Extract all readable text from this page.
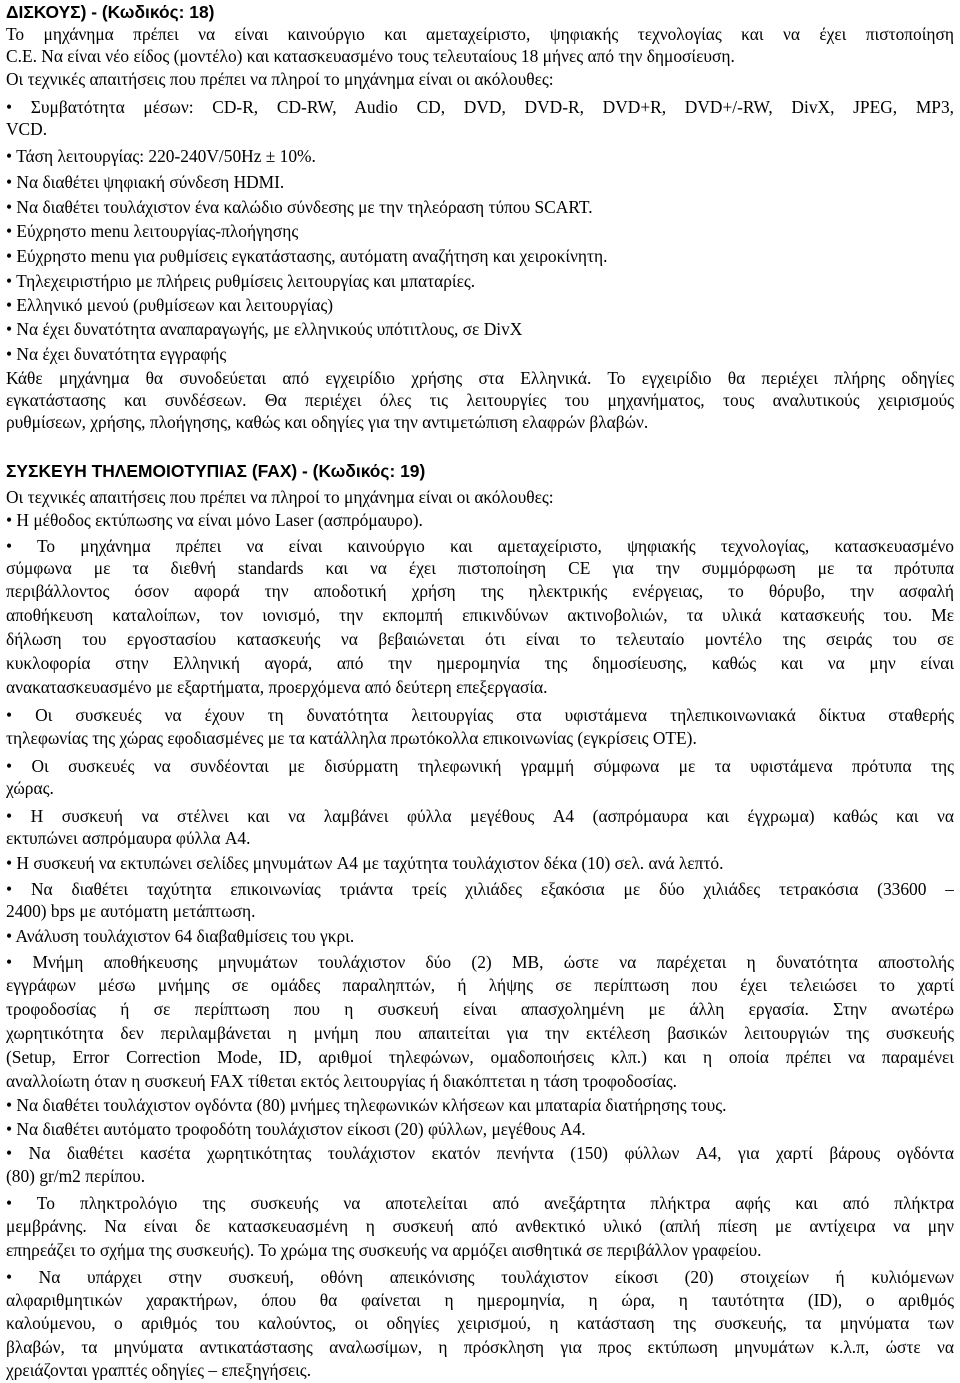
ΔΙΣΚΟΥΣ) - (Κωδικός: 18)
Το μηχάνημα πρέπει να είναι καινούργιο και αμεταχείριστο, ψηφιακής τεχνολογίας και να έχει πιστοποίηση
C.E. Να είναι νέο είδος (μοντέλο) και κατασκευασμένο τους τελευταίους 18 μήνες από την δημοσίευση.
Οι τεχνικές απαιτήσεις που πρέπει να πληροί το μηχάνημα είναι οι ακόλουθες:
• Συμβατότητα μέσων: CD-R, CD-RW, Audio CD, DVD, DVD-R, DVD+R, DVD+/-RW, DivX, JPEG, MP3,
VCD.
• Τάση λειτουργίας: 220-240V/50Hz ± 10%.
• Να διαθέτει ψηφιακή σύνδεση HDMI.
• Να διαθέτει τουλάχιστον ένα καλώδιο σύνδεσης με την τηλεόραση τύπου SCART.
• Εύχρηστο menu λειτουργίας-πλοήγησης
• Εύχρηστο menu για ρυθμίσεις εγκατάστασης, αυτόματη αναζήτηση και χειροκίνητη.
• Τηλεχειριστήριο με πλήρεις ρυθμίσεις λειτουργίας και μπαταρίες.
• Ελληνικό μενού (ρυθμίσεων και λειτουργίας)
• Να έχει δυνατότητα αναπαραγωγής, με ελληνικούς υπότιτλους, σε DivX
• Να έχει δυνατότητα εγγραφής
Κάθε μηχάνημα θα συνοδεύεται από εγχειρίδιο χρήσης στα Ελληνικά. Το εγχειρίδιο θα περιέχει πλήρης οδηγίες
εγκατάστασης και συνδέσεων. Θα περιέχει όλες τις λειτουργίες του μηχανήματος, τους αναλυτικούς χειρισμούς
ρυθμίσεων, χρήσης, πλοήγησης, καθώς και οδηγίες για την αντιμετώπιση ελαφρών βλαβών.
ΣΥΣΚΕΥΗ ΤΗΛΕΜΟΙΟΤΥΠΙΑΣ (FAX) - (Κωδικός: 19)
Οι τεχνικές απαιτήσεις που πρέπει να πληροί το μηχάνημα είναι οι ακόλουθες:
• Η μέθοδος εκτύπωσης να είναι μόνο Laser (ασπρόμαυρο).
• Το μηχάνημα πρέπει να είναι καινούργιο και αμεταχείριστο, ψηφιακής τεχνολογίας, κατασκευασμένο
σύμφωνα με τα διεθνή standards και να έχει πιστοποίηση CE για την συμμόρφωση με τα πρότυπα
περιβάλλοντος όσον αφορά την αποδοτική χρήση της ηλεκτρικής ενέργειας, το θόρυβο, την ασφαλή
αποθήκευση καταλοίπων, τον ιονισμό, την εκπομπή επικινδύνων ακτινοβολιών, τα υλικά κατασκευής του. Με
δήλωση του εργοστασίου κατασκευής να βεβαιώνεται ότι είναι το τελευταίο μοντέλο της σειράς του σε
κυκλοφορία στην Ελληνική αγορά, από την ημερομηνία της δημοσίευσης, καθώς και να μην είναι
ανακατασκευασμένο με εξαρτήματα, προερχόμενα από δεύτερη επεξεργασία.
• Οι συσκευές να έχουν τη δυνατότητα λειτουργίας στα υφιστάμενα τηλεπικοινωνιακά δίκτυα σταθερής
τηλεφωνίας της χώρας εφοδιασμένες με τα κατάλληλα πρωτόκολλα επικοινωνίας (εγκρίσεις ΟΤΕ).
• Οι συσκευές να συνδέονται με δισύρματη τηλεφωνική γραμμή σύμφωνα με τα υφιστάμενα πρότυπα της
χώρας.
• Η συσκευή να στέλνει και να λαμβάνει φύλλα μεγέθους A4 (ασπρόμαυρα και έγχρωμα) καθώς και να
εκτυπώνει ασπρόμαυρα φύλλα A4.
• Η συσκευή να εκτυπώνει σελίδες μηνυμάτων A4 με ταχύτητα τουλάχιστον δέκα (10) σελ. ανά λεπτό.
• Να διαθέτει ταχύτητα επικοινωνίας τριάντα τρείς χιλιάδες εξακόσια με δύο χιλιάδες τετρακόσια (33600 –
2400) bps με αυτόματη μετάπτωση.
• Ανάλυση τουλάχιστον 64 διαβαθμίσεις του γκρι.
• Μνήμη αποθήκευσης μηνυμάτων τουλάχιστον δύο (2) MB, ώστε να παρέχεται η δυνατότητα αποστολής
εγγράφων μέσω μνήμης σε ομάδες παραληπτών, ή λήψης σε περίπτωση που έχει τελειώσει το χαρτί
τροφοδοσίας ή σε περίπτωση που η συσκευή είναι απασχολημένη με άλλη εργασία. Στην ανωτέρω
χωρητικότητα δεν περιλαμβάνεται η μνήμη που απαιτείται για την εκτέλεση βασικών λειτουργιών της συσκευής
(Setup, Error Correction Mode, ID, αριθμοί τηλεφώνων, ομαδοποιήσεις κλπ.) και η οποία πρέπει να παραμένει
αναλλοίωτη όταν η συσκευή FAX τίθεται εκτός λειτουργίας ή διακόπτεται η τάση τροφοδοσίας.
• Να διαθέτει τουλάχιστον ογδόντα (80) μνήμες τηλεφωνικών κλήσεων και μπαταρία διατήρησης τους.
• Να διαθέτει αυτόματο τροφοδότη τουλάχιστον είκοσι (20) φύλλων, μεγέθους A4.
• Να διαθέτει κασέτα χωρητικότητας τουλάχιστον εκατόν πενήντα (150) φύλλων A4, για χαρτί βάρους ογδόντα
(80) gr/m2 περίπου.
• Το πληκτρολόγιο της συσκευής να αποτελείται από ανεξάρτητα πλήκτρα αφής και από πλήκτρα
μεμβράνης. Να είναι δε κατασκευασμένη η συσκευή από ανθεκτικό υλικό (απλή πίεση με αντίχειρα να μην
επηρεάζει το σχήμα της συσκευής). Το χρώμα της συσκευής να αρμόζει αισθητικά σε περιβάλλον γραφείου.
• Να υπάρχει στην συσκευή, οθόνη απεικόνισης τουλάχιστον είκοσι (20) στοιχείων ή κυλιόμενων
αλφαριθμητικών χαρακτήρων, όπου θα φαίνεται η ημερομηνία, η ώρα, η ταυτότητα (ID), ο αριθμός
καλούμενου, ο αριθμός του καλούντος, οι οδηγίες χειρισμού, η κατάσταση της συσκευής, τα μηνύματα των
βλαβών, τα μηνύματα αντικατάστασης αναλωσίμων, η πρόσκληση για προς εκτύπωση μηνυμάτων κ.λ.π, ώστε να
χρειάζονται γραπτές οδηγίες – επεξηγήσεις.
